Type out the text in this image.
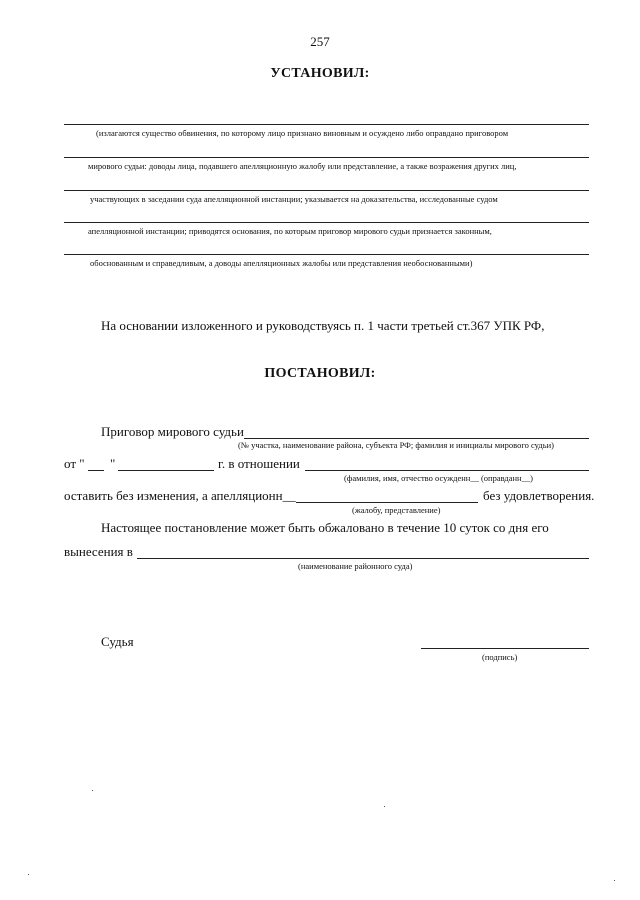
257
УСТАНОВИЛ:
(излагаются существо обвинения, по которому лицо признано виновным и осуждено либо оправдано приговором
мирового судьи: доводы лица, подавшего апелляционную жалобу или представление, а также возражения других лиц,
участвующих в заседании суда апелляционной инстанции; указывается на доказательства, исследованные судом
апелляционной инстанции; приводятся основания, по которым приговор мирового судьи признается законным,
обоснованным и справедливым, а доводы апелляционных жалобы или представления необоснованными)
На основании изложенного и руководствуясь п. 1 части третьей ст.367 УПК РФ,
ПОСТАНОВИЛ:
Приговор мирового судьи
(№ участка, наименование района, субъекта РФ; фамилия и инициалы мирового судьи)
от " "	г. в отношении
(фамилия, имя, отчество осужденн__ (оправданн__)
оставить без изменения, а апелляционн__	без удовлетворения.
(жалобу, представление)
Настоящее постановление может быть обжаловано в течение 10 суток со дня его
вынесения в
(наименование районного суда)
Судья
(подпись)
